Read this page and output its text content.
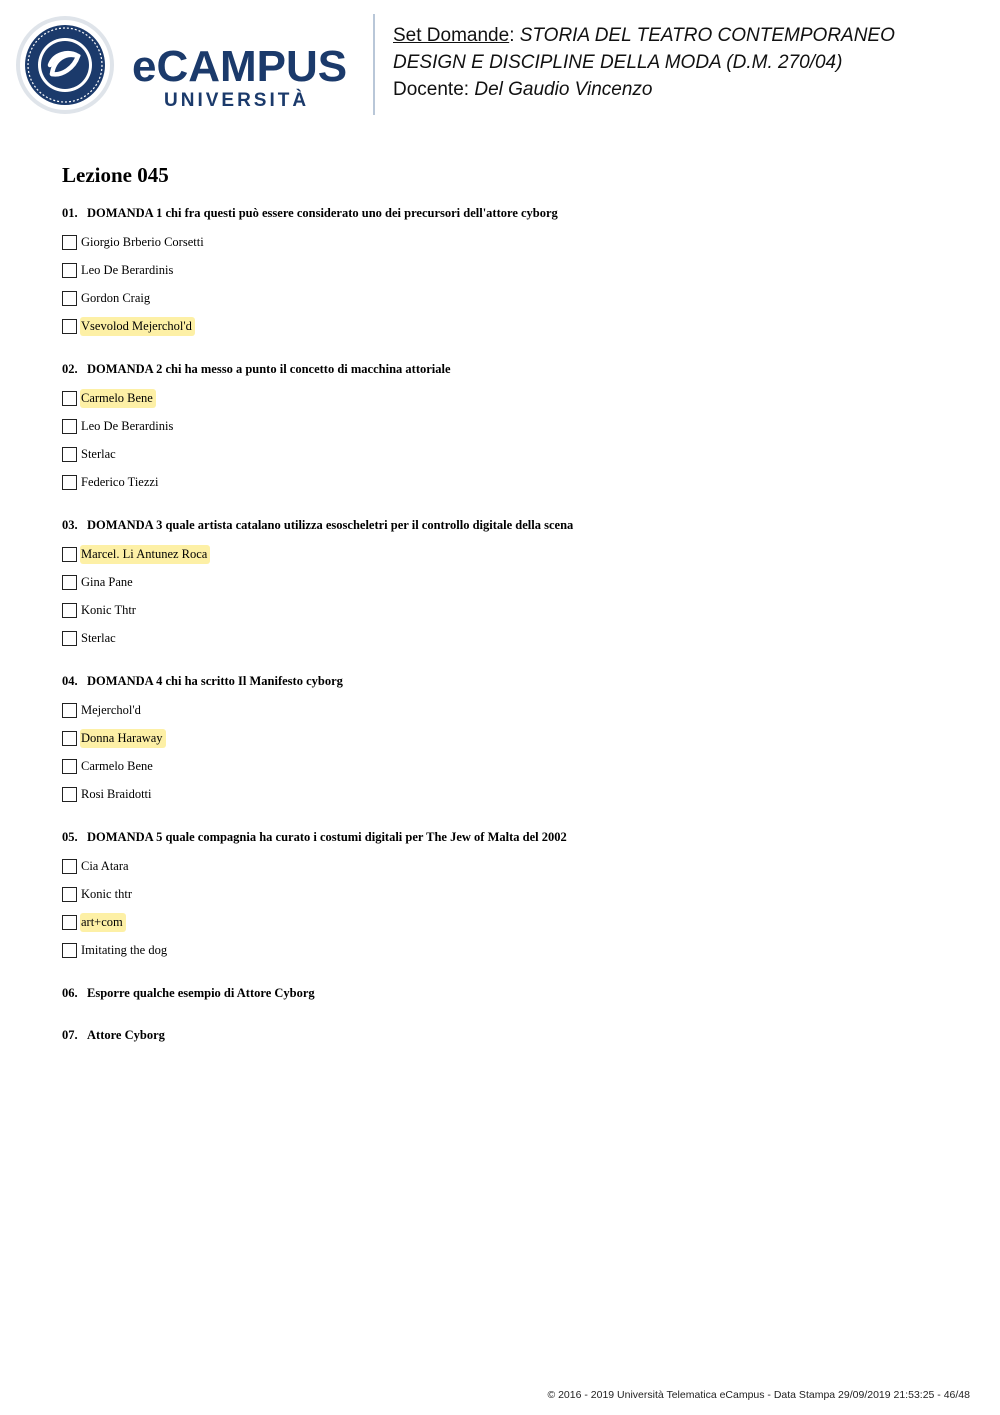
eCAMPUS
UNIVERSITÀ
Set Domande: STORIA DEL TEATRO CONTEMPORANEO
DESIGN E DISCIPLINE DELLA MODA (D.M. 270/04)
Docente: Del Gaudio Vincenzo
Lezione 045
01. DOMANDA 1 chi fra questi può essere considerato uno dei precursori dell'attore cyborg
Giorgio Brberio Corsetti
Leo De Berardinis
Gordon Craig
Vsevolod Mejerchol'd
02. DOMANDA 2 chi ha messo a punto il concetto di macchina attoriale
Carmelo Bene
Leo De Berardinis
Sterlac
Federico Tiezzi
03. DOMANDA 3 quale artista catalano utilizza esoscheletri per il controllo digitale della scena
Marcel. Li Antunez Roca
Gina Pane
Konic Thtr
Sterlac
04. DOMANDA 4 chi ha scritto Il Manifesto cyborg
Mejerchol'd
Donna Haraway
Carmelo Bene
Rosi Braidotti
05. DOMANDA 5 quale compagnia ha curato i costumi digitali per The Jew of Malta del 2002
Cia Atara
Konic thtr
art+com
Imitating the dog
06. Esporre qualche esempio di Attore Cyborg
07. Attore Cyborg
© 2016 - 2019 Università Telematica eCampus - Data Stampa 29/09/2019 21:53:25 - 46/48
